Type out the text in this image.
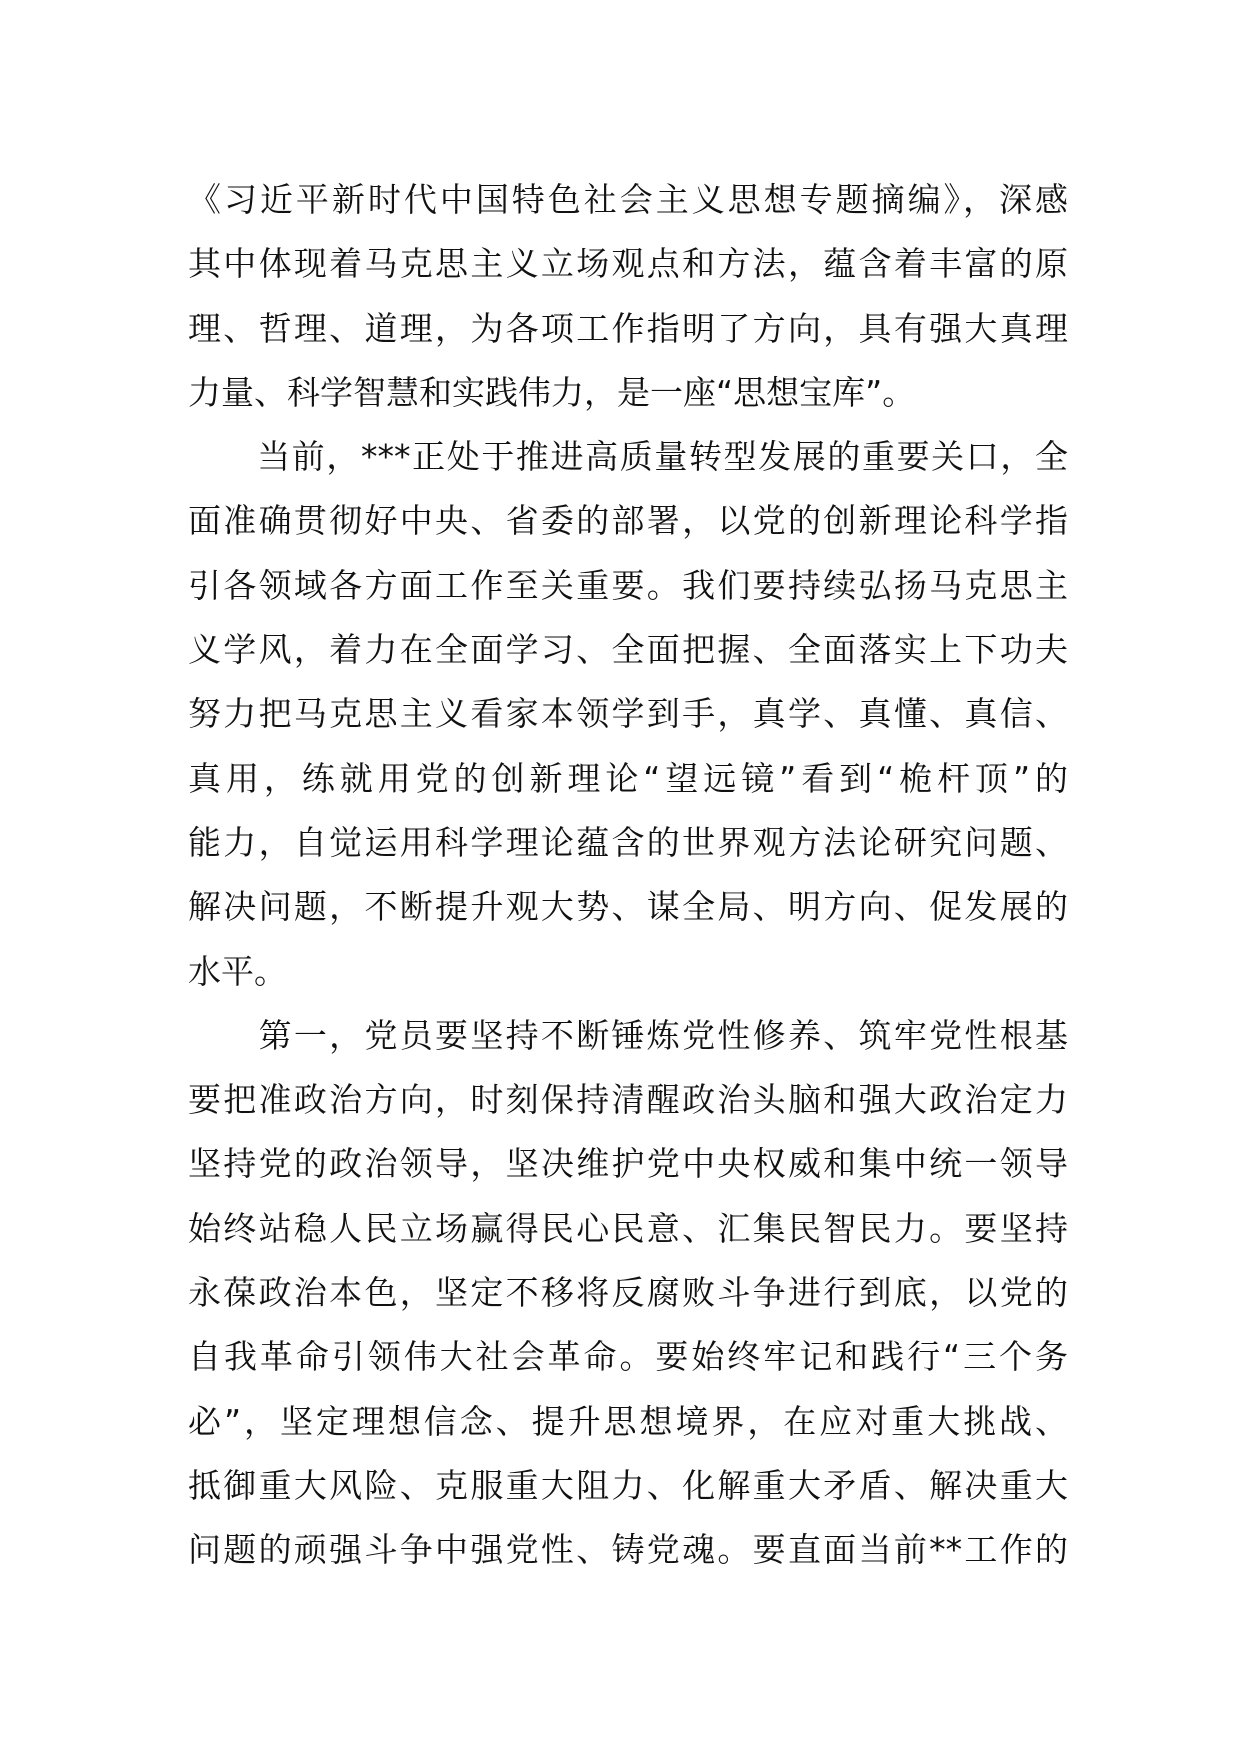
《习近平新时代中国特色社会主义思想专题摘编》，深感
其中体现着马克思主义立场观点和方法，蕴含着丰富的原
理、哲理、道理，为各项工作指明了方向，具有强大真理
力量、科学智慧和实践伟力，是一座“思想宝库”。
　　当前，***正处于推进高质量转型发展的重要关口，全
面准确贯彻好中央、省委的部署，以党的创新理论科学指
引各领域各方面工作至关重要。我们要持续弘扬马克思主
义学风，着力在全面学习、全面把握、全面落实上下功夫
努力把马克思主义看家本领学到手，真学、真懂、真信、
真用，练就用党的创新理论“望远镜”看到“桅杆顶”的
能力，自觉运用科学理论蕴含的世界观方法论研究问题、
解决问题，不断提升观大势、谋全局、明方向、促发展的
水平。
　　第一，党员要坚持不断锤炼党性修养、筑牢党性根基
要把准政治方向，时刻保持清醒政治头脑和强大政治定力
坚持党的政治领导，坚决维护党中央权威和集中统一领导
始终站稳人民立场赢得民心民意、汇集民智民力。要坚持
永葆政治本色，坚定不移将反腐败斗争进行到底，以党的
自我革命引领伟大社会革命。要始终牢记和践行“三个务
必”，坚定理想信念、提升思想境界，在应对重大挑战、
抵御重大风险、克服重大阻力、化解重大矛盾、解决重大
问题的顽强斗争中强党性、铸党魂。要直面当前**工作的
